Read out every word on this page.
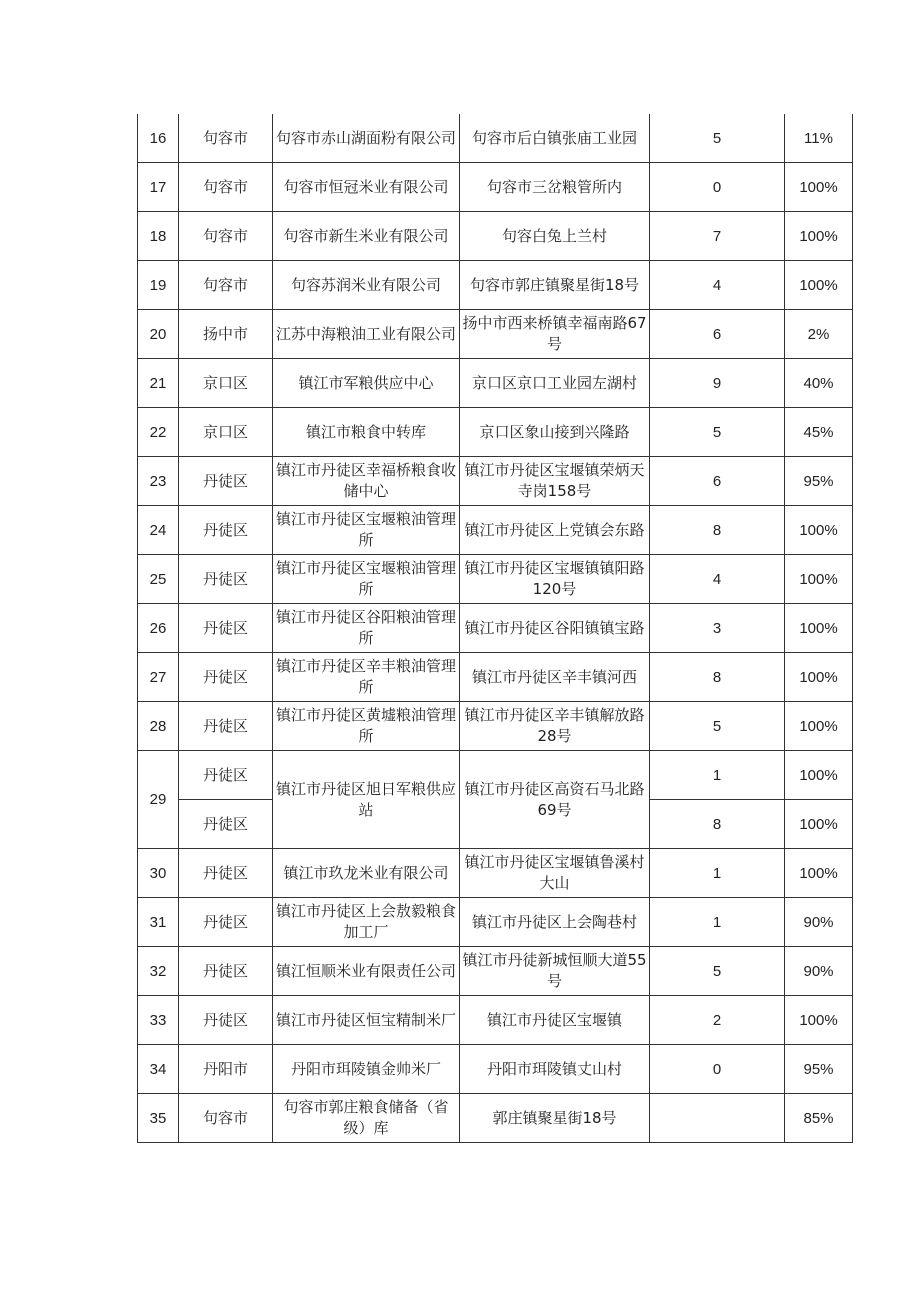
16	句容市	句容市赤山湖面粉有限公司	句容市后白镇张庙工业园	5	11%
17	句容市	句容市恒冠米业有限公司	句容市三岔粮管所内	0	100%
18	句容市	句容市新生米业有限公司	句容白兔上兰村	7	100%
19	句容市	句容苏润米业有限公司	句容市郭庄镇聚星街18号	4	100%
20	扬中市	江苏中海粮油工业有限公司	扬中市西来桥镇幸福南路67号	6	2%
21	京口区	镇江市军粮供应中心	京口区京口工业园左湖村	9	40%
22	京口区	镇江市粮食中转库	京口区象山接到兴隆路	5	45%
23	丹徒区	镇江市丹徒区幸福桥粮食收储中心	镇江市丹徒区宝堰镇荣炳天寺岗158号	6	95%
24	丹徒区	镇江市丹徒区宝堰粮油管理所	镇江市丹徒区上党镇会东路	8	100%
25	丹徒区	镇江市丹徒区宝堰粮油管理所	镇江市丹徒区宝堰镇镇阳路120号	4	100%
26	丹徒区	镇江市丹徒区谷阳粮油管理所	镇江市丹徒区谷阳镇镇宝路	3	100%
27	丹徒区	镇江市丹徒区辛丰粮油管理所	镇江市丹徒区辛丰镇河西	8	100%
28	丹徒区	镇江市丹徒区黄墟粮油管理所	镇江市丹徒区辛丰镇解放路28号	5	100%
29	丹徒区	镇江市丹徒区旭日军粮供应站	镇江市丹徒区高资石马北路69号	1	100%
	丹徒区			8	100%
30	丹徒区	镇江市玖龙米业有限公司	镇江市丹徒区宝堰镇鲁溪村大山	1	100%
31	丹徒区	镇江市丹徒区上会敖毅粮食加工厂	镇江市丹徒区上会陶巷村	1	90%
32	丹徒区	镇江恒顺米业有限责任公司	镇江市丹徒新城恒顺大道55号	5	90%
33	丹徒区	镇江市丹徒区恒宝精制米厂	镇江市丹徒区宝堰镇	2	100%
34	丹阳市	丹阳市珥陵镇金帅米厂	丹阳市珥陵镇丈山村	0	95%
35	句容市	句容市郭庄粮食储备（省级）库	郭庄镇聚星街18号		85%
